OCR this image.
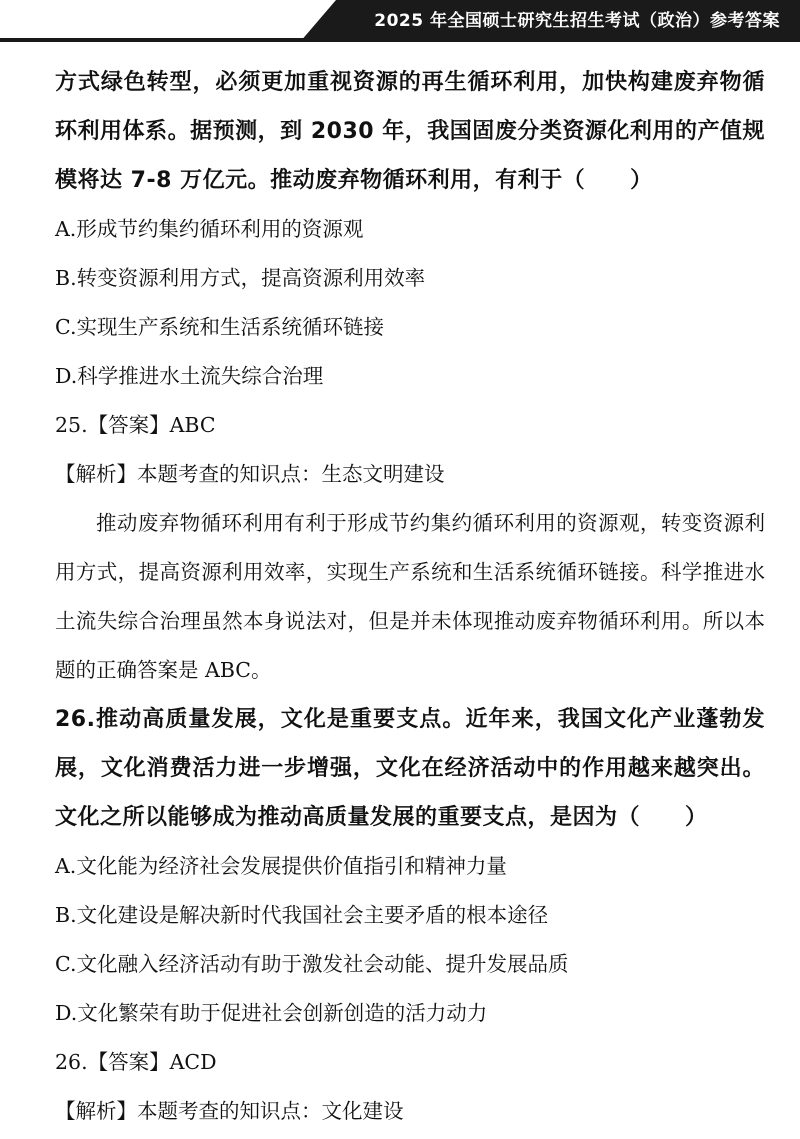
2025 年全国硕士研究生招生考试（政治）参考答案

方式绿色转型，必须更加重视资源的再生循环利用，加快构建废弃物循环利用体系。据预测，到 2030 年，我国固废分类资源化利用的产值规模将达 7-8 万亿元。推动废弃物循环利用，有利于（　　）

A.形成节约集约循环利用的资源观

B.转变资源利用方式，提高资源利用效率

C.实现生产系统和生活系统循环链接

D.科学推进水土流失综合治理

25.【答案】ABC

【解析】本题考查的知识点：生态文明建设

推动废弃物循环利用有利于形成节约集约循环利用的资源观，转变资源利用方式，提高资源利用效率，实现生产系统和生活系统循环链接。科学推进水土流失综合治理虽然本身说法对，但是并未体现推动废弃物循环利用。所以本题的正确答案是 ABC。

26.推动高质量发展，文化是重要支点。近年来，我国文化产业蓬勃发展，文化消费活力进一步增强，文化在经济活动中的作用越来越突出。文化之所以能够成为推动高质量发展的重要支点，是因为（　　）

A.文化能为经济社会发展提供价值指引和精神力量

B.文化建设是解决新时代我国社会主要矛盾的根本途径

C.文化融入经济活动有助于激发社会动能、提升发展品质

D.文化繁荣有助于促进社会创新创造的活力动力

26.【答案】ACD

【解析】本题考查的知识点：文化建设
